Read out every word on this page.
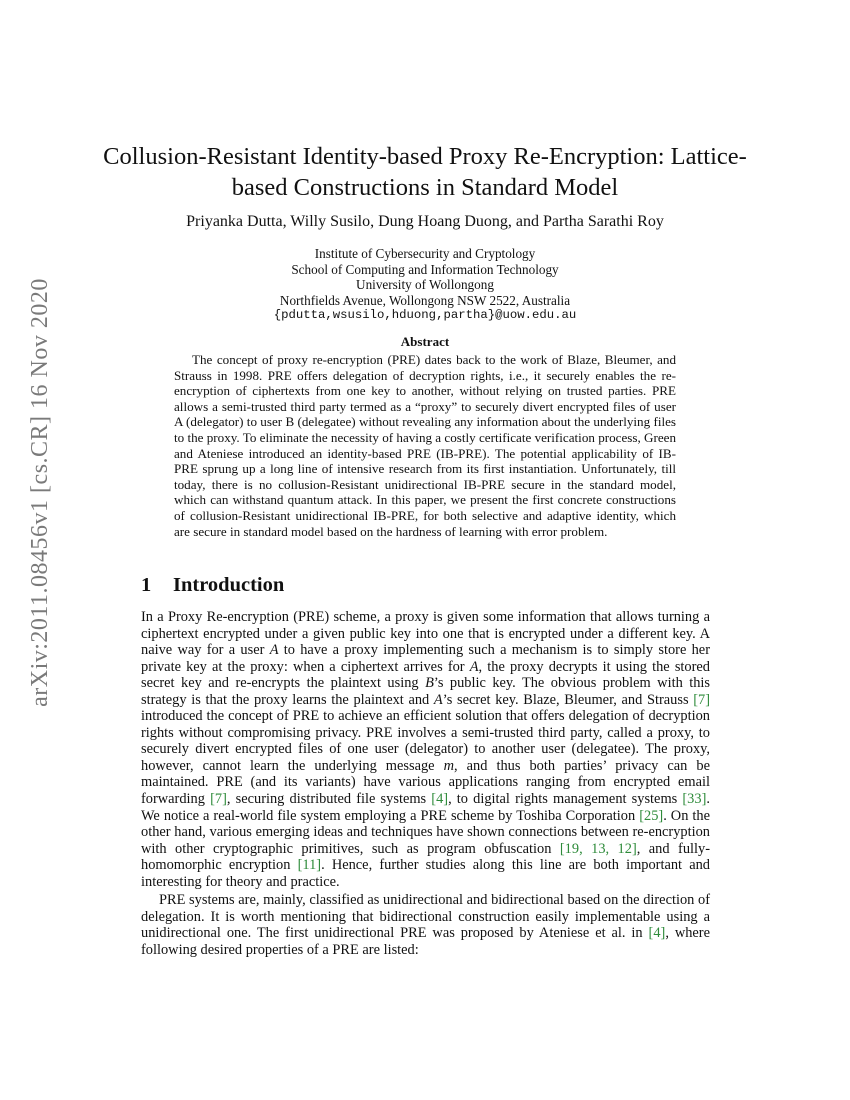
arXiv:2011.08456v1 [cs.CR] 16 Nov 2020
Collusion-Resistant Identity-based Proxy Re-Encryption: Lattice-based Constructions in Standard Model

Priyanka Dutta, Willy Susilo, Dung Hoang Duong, and Partha Sarathi Roy

Institute of Cybersecurity and Cryptology
School of Computing and Information Technology
University of Wollongong
Northfields Avenue, Wollongong NSW 2522, Australia
{pdutta,wsusilo,hduong,partha}@uow.edu.au
Abstract

The concept of proxy re-encryption (PRE) dates back to the work of Blaze, Bleumer, and Strauss in 1998. PRE offers delegation of decryption rights, i.e., it securely enables the re-encryption of ciphertexts from one key to another, without relying on trusted parties. PRE allows a semi-trusted third party termed as a “proxy” to securely divert encrypted files of user A (delegator) to user B (delegatee) without revealing any information about the underlying files to the proxy. To eliminate the necessity of having a costly certificate verification process, Green and Ateniese introduced an identity-based PRE (IB-PRE). The potential applicability of IB-PRE sprung up a long line of intensive research from its first instantiation. Unfortunately, till today, there is no collusion-Resistant unidirectional IB-PRE secure in the standard model, which can withstand quantum attack. In this paper, we present the first concrete constructions of collusion-Resistant unidirectional IB-PRE, for both selective and adaptive identity, which are secure in standard model based on the hardness of learning with error problem.

1 Introduction

In a Proxy Re-encryption (PRE) scheme, a proxy is given some information that allows turning a ciphertext encrypted under a given public key into one that is encrypted under a different key. A naive way for a user A to have a proxy implementing such a mechanism is to simply store her private key at the proxy: when a ciphertext arrives for A, the proxy decrypts it using the stored secret key and re-encrypts the plaintext using B’s public key. The obvious problem with this strategy is that the proxy learns the plaintext and A’s secret key. Blaze, Bleumer, and Strauss [7] introduced the concept of PRE to achieve an efficient solution that offers delegation of decryption rights without compromising privacy. PRE involves a semi-trusted third party, called a proxy, to securely divert encrypted files of one user (delegator) to another user (delegatee). The proxy, however, cannot learn the underlying message m, and thus both parties’ privacy can be maintained. PRE (and its variants) have various applications ranging from encrypted email forwarding [7], securing distributed file systems [4], to digital rights management systems [33]. We notice a real-world file system employing a PRE scheme by Toshiba Corporation [25]. On the other hand, various emerging ideas and techniques have shown connections between re-encryption with other cryptographic primitives, such as program obfuscation [19, 13, 12], and fully-homomorphic encryption [11]. Hence, further studies along this line are both important and interesting for theory and practice.

PRE systems are, mainly, classified as unidirectional and bidirectional based on the direction of delegation. It is worth mentioning that bidirectional construction easily implementable using a unidirectional one. The first unidirectional PRE was proposed by Ateniese et al. in [4], where following desired properties of a PRE are listed:
